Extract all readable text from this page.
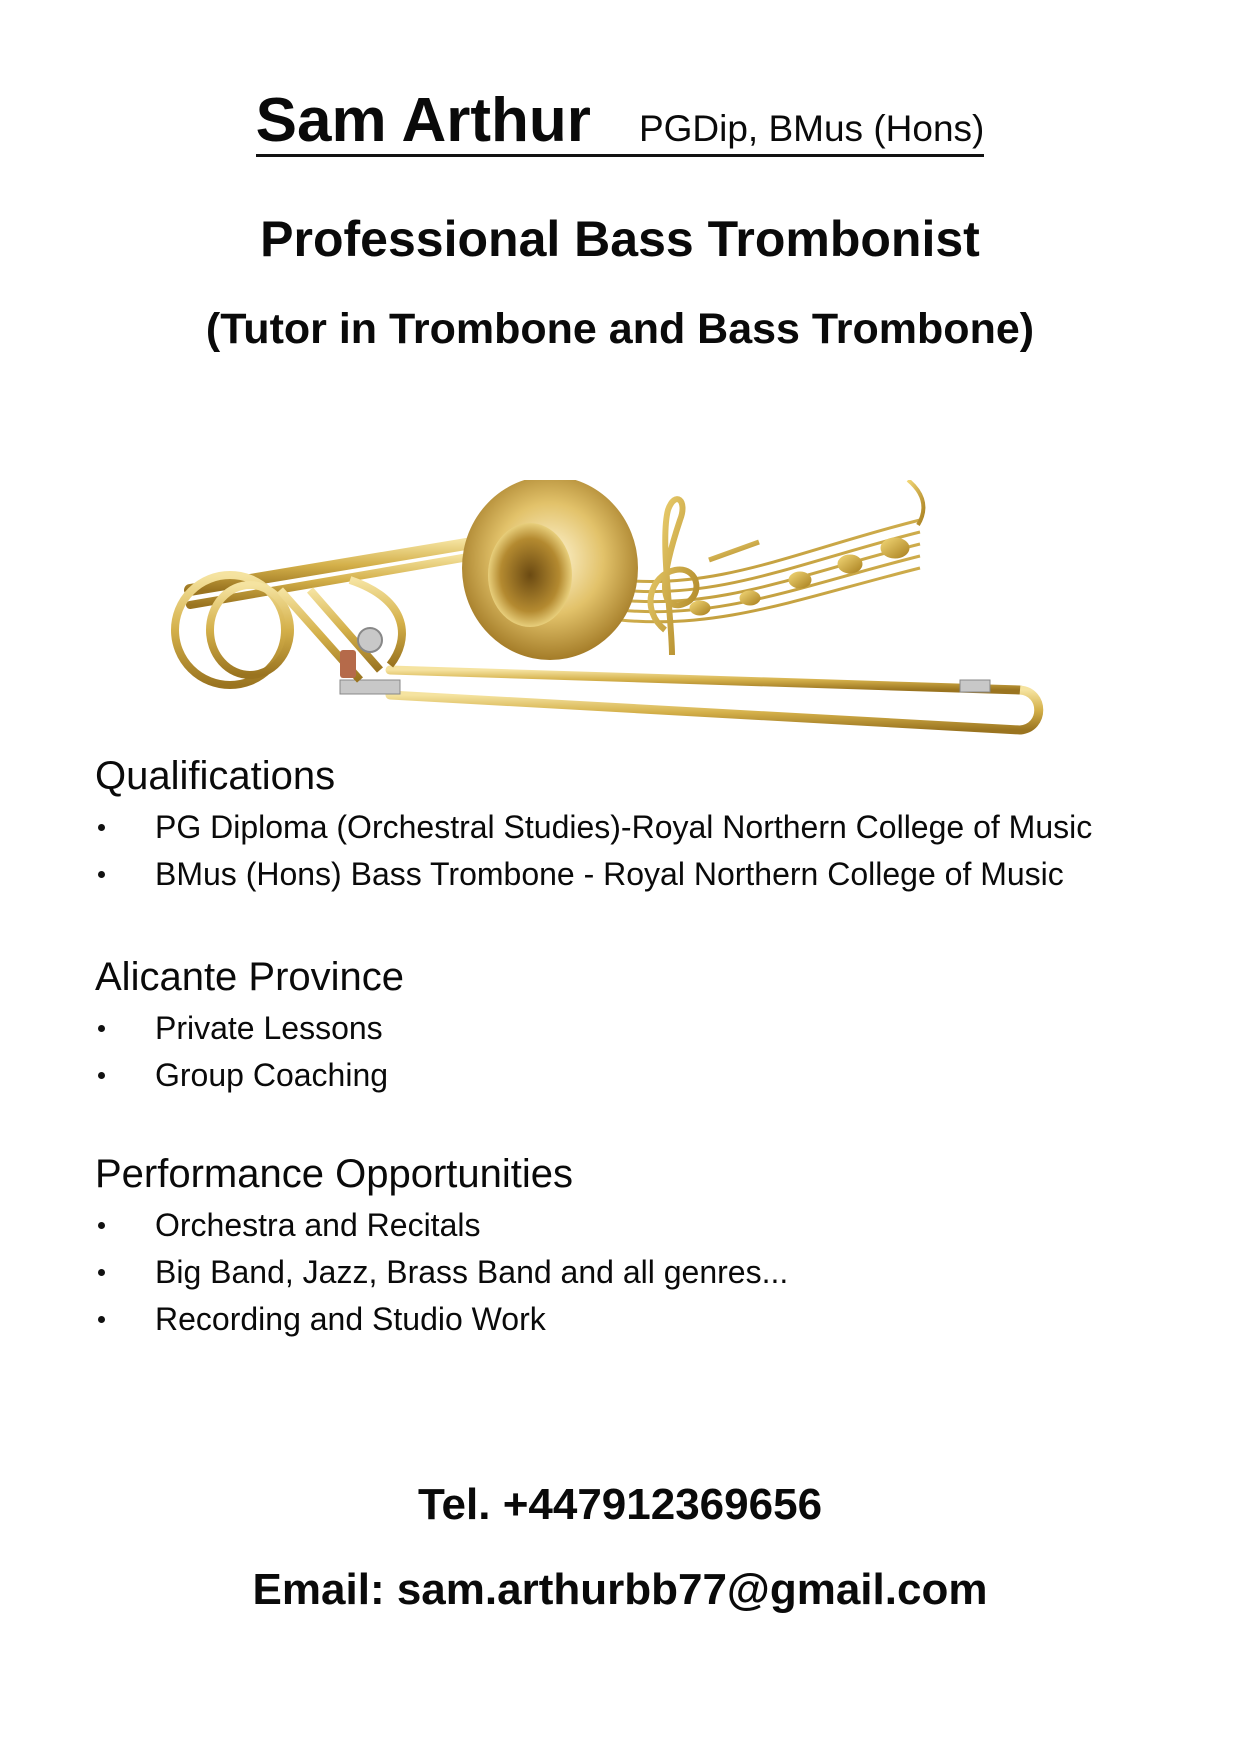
Sam Arthur PGDip, BMus (Hons)
Professional Bass Trombonist
(Tutor in Trombone and Bass Trombone)
Qualifications
PG Diploma (Orchestral Studies)-Royal Northern College of Music
BMus (Hons) Bass Trombone - Royal Northern College of Music
Alicante Province
Private Lessons
Group Coaching
Performance Opportunities
Orchestra and Recitals
Big Band, Jazz, Brass Band and all genres...
Recording and Studio Work
Tel. +447912369656
Email: sam.arthurbb77@gmail.com
